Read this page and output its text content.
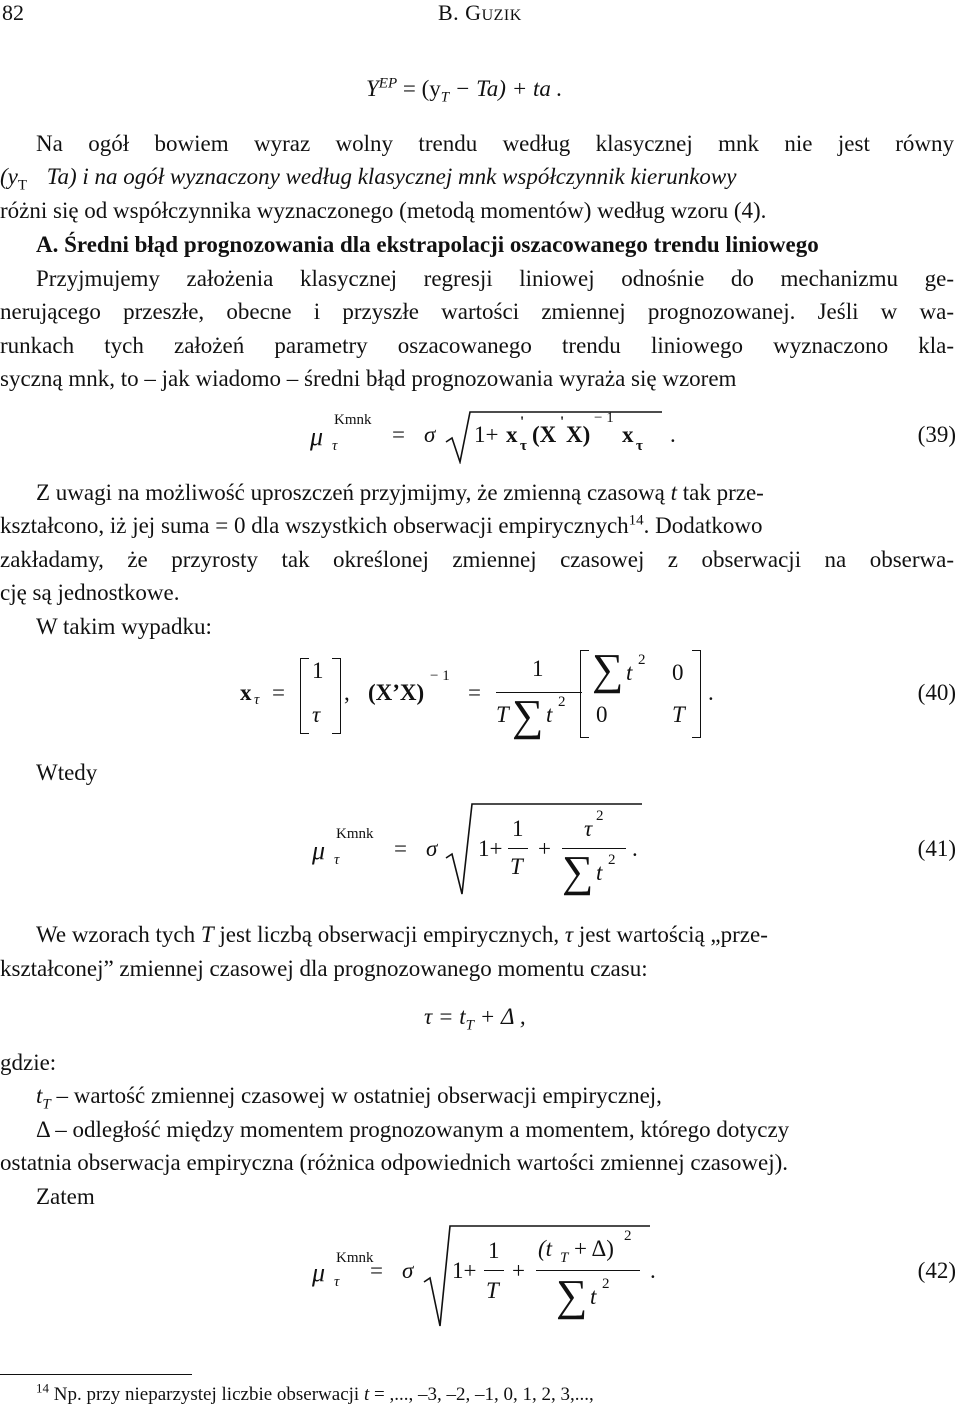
82	B. GUZIK
$Y^{EP} = (y_T - Ta)$ + ta .
Na ogół bowiem wyraz wolny trendu według klasycznej mnk nie jest równy
($y_T$ Ta) i na ogół wyznaczony według klasycznej mnk współczynnik kierunkowy
różni się od współczynnika wyznaczonego (metodą momentów) według wzoru (4).
A. Średni błąd prognozowania dla ekstrapolacji oszacowanego trendu liniowego
Przyjmujemy założenia klasycznej regresji liniowej odnośnie do mechanizmu ge-
nerującego przeszłe, obecne i przyszłe wartości zmiennej prognozowanej. Jeśli w wa-
runkach tych założeń parametry oszacowanego trendu liniowego wyznaczono kla-
syczną mnk, to – jak wiadomo – średni błąd prognozowania wyraża się wzorem
μ
Kmnk
τ = σ 1+ x '
τ (X ' X)
− 1
x τ .	(39)
Z uwagi na możliwość uproszczeń przyjmijmy, że zmienną czasową t tak prze-
kształcono, iż jej suma = 0 dla wszystkich obserwacji empirycznych$^{14}$. Dodatkowo
zakładamy, że przyrosty tak określonej zmiennej czasowej z obserwacji na obserwa-
cję są jednostkowe.
W takim wypadku:
x τ =
1
τ
, (X’X)
− 1
=
1
T ∑ t 2
∑ t 2 0
0	T
.	(40)
Wtedy
μ
Kmnk
τ = σ 1+
1
T
+
τ 2
∑ t 2 .	(41)
We wzorach tych T jest liczbą obserwacji empirycznych, τ jest wartością „prze-
kształconej” zmiennej czasowej dla prognozowanego momentu czasu:
$\tau = t_T + \Delta$ ,
gdzie:
$t_T$ – wartość zmiennej czasowej w ostatniej obserwacji empirycznej,
Δ – odległość między momentem prognozowanym a momentem, którego dotyczy
ostatnia obserwacja empiryczna (różnica odpowiednich wartości zmiennej czasowej).
Zatem
μ Kmnk
τ = σ 1+
1
T
+
(t T + Δ) 2
∑ t 2
.	(42)
$^{14}$ Np. przy nieparzystej liczbie obserwacji t = ,..., –3, –2, –1, 0, 1, 2, 3,...,
